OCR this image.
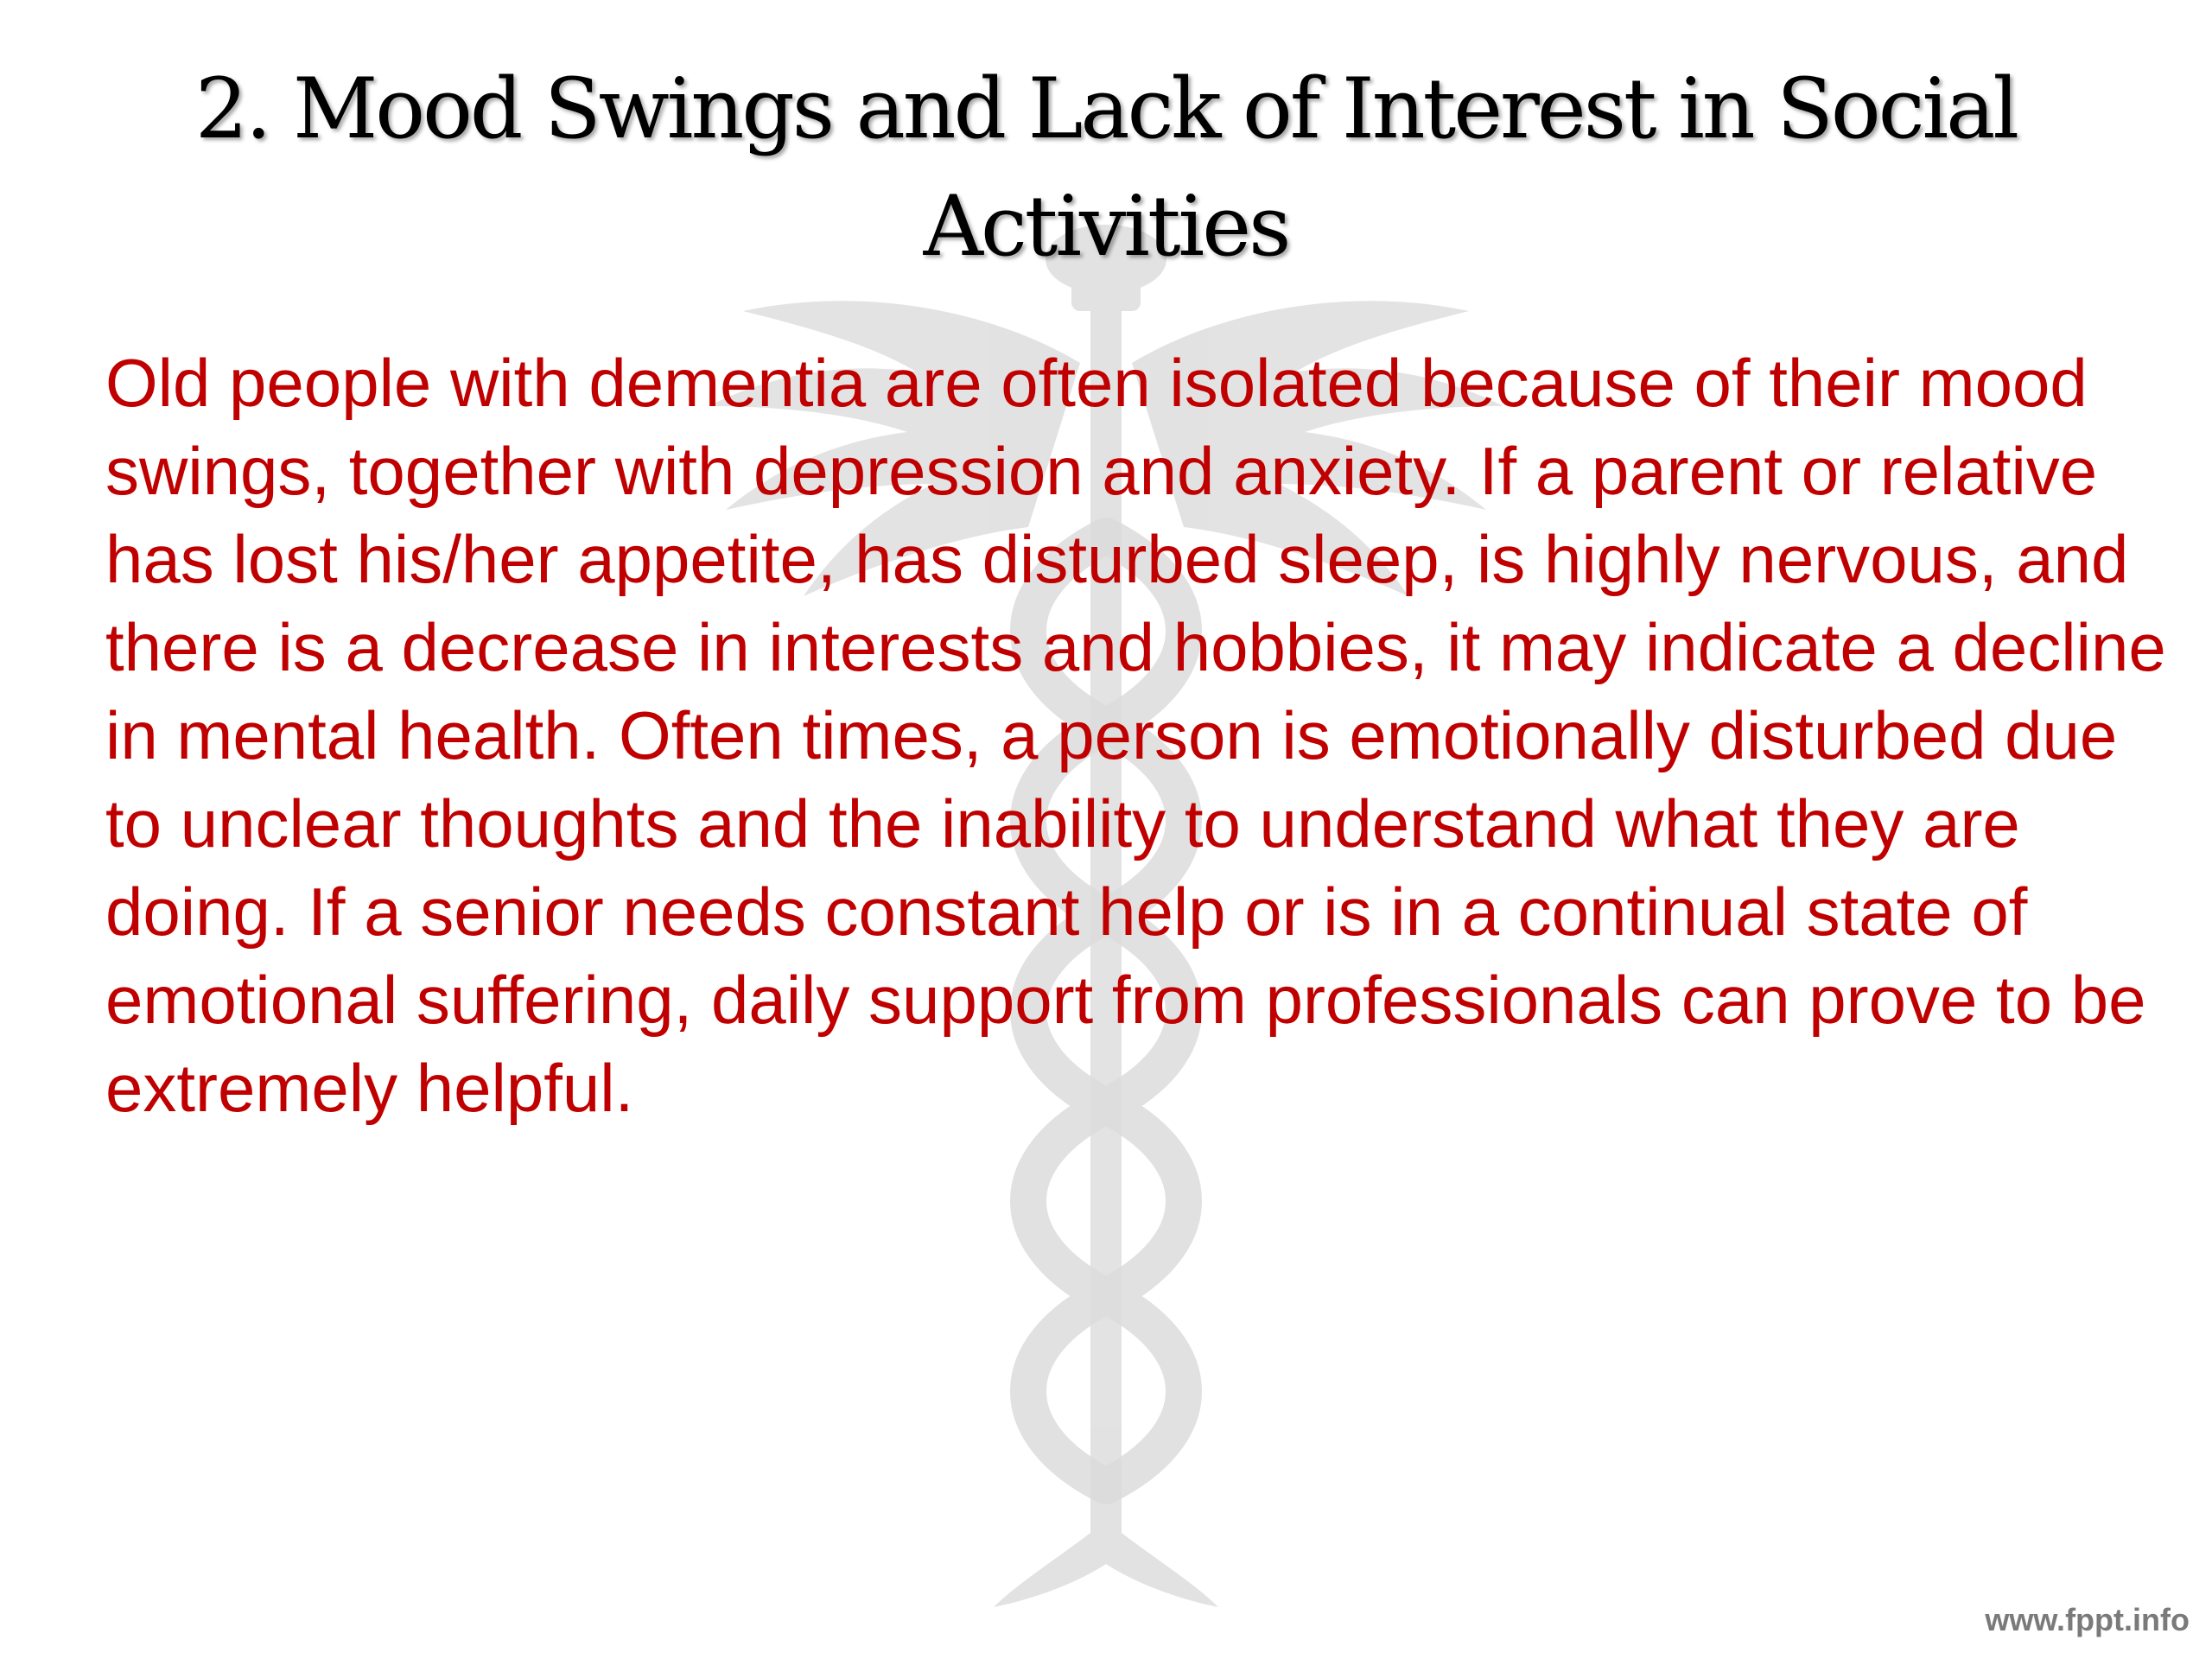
2. Mood Swings and Lack of Interest in Social Activities

Old people with dementia are often isolated because of their mood swings, together with depression and anxiety. If a parent or relative has lost his/her appetite, has disturbed sleep, is highly nervous, and there is a decrease in interests and hobbies, it may indicate a decline in mental health. Often times, a person is emotionally disturbed due to unclear thoughts and the inability to understand what they are doing. If a senior needs constant help or is in a continual state of emotional suffering, daily support from professionals can prove to be extremely helpful.

www.fppt.info
